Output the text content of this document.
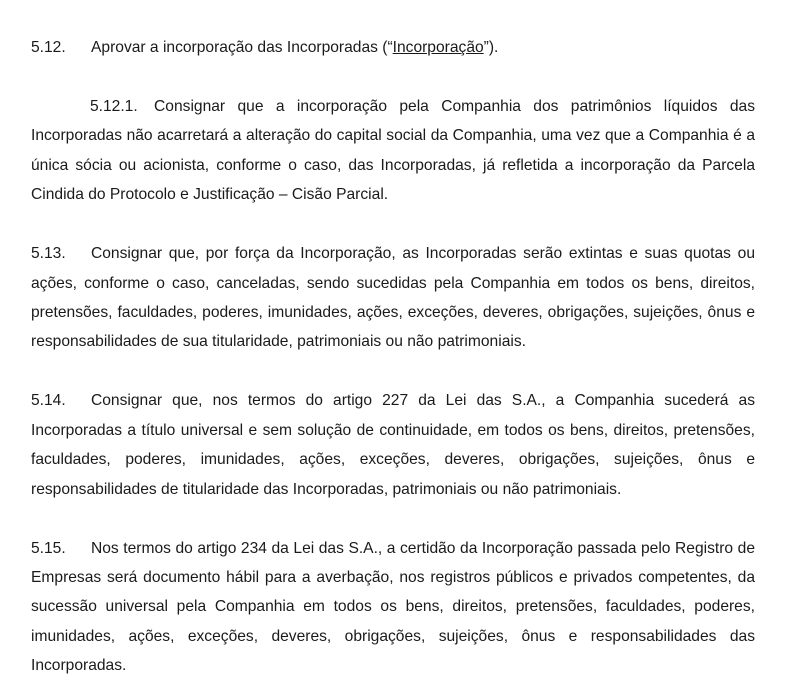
5.12. Aprovar a incorporação das Incorporadas (“Incorporação”).

5.12.1. Consignar que a incorporação pela Companhia dos patrimônios líquidos das Incorporadas não acarretará a alteração do capital social da Companhia, uma vez que a Companhia é a única sócia ou acionista, conforme o caso, das Incorporadas, já refletida a incorporação da Parcela Cindida do Protocolo e Justificação – Cisão Parcial.

5.13. Consignar que, por força da Incorporação, as Incorporadas serão extintas e suas quotas ou ações, conforme o caso, canceladas, sendo sucedidas pela Companhia em todos os bens, direitos, pretensões, faculdades, poderes, imunidades, ações, exceções, deveres, obrigações, sujeições, ônus e responsabilidades de sua titularidade, patrimoniais ou não patrimoniais.

5.14. Consignar que, nos termos do artigo 227 da Lei das S.A., a Companhia sucederá as Incorporadas a título universal e sem solução de continuidade, em todos os bens, direitos, pretensões, faculdades, poderes, imunidades, ações, exceções, deveres, obrigações, sujeições, ônus e responsabilidades de titularidade das Incorporadas, patrimoniais ou não patrimoniais.

5.15. Nos termos do artigo 234 da Lei das S.A., a certidão da Incorporação passada pelo Registro de Empresas será documento hábil para a averbação, nos registros públicos e privados competentes, da sucessão universal pela Companhia em todos os bens, direitos, pretensões, faculdades, poderes, imunidades, ações, exceções, deveres, obrigações, sujeições, ônus e responsabilidades das Incorporadas.
